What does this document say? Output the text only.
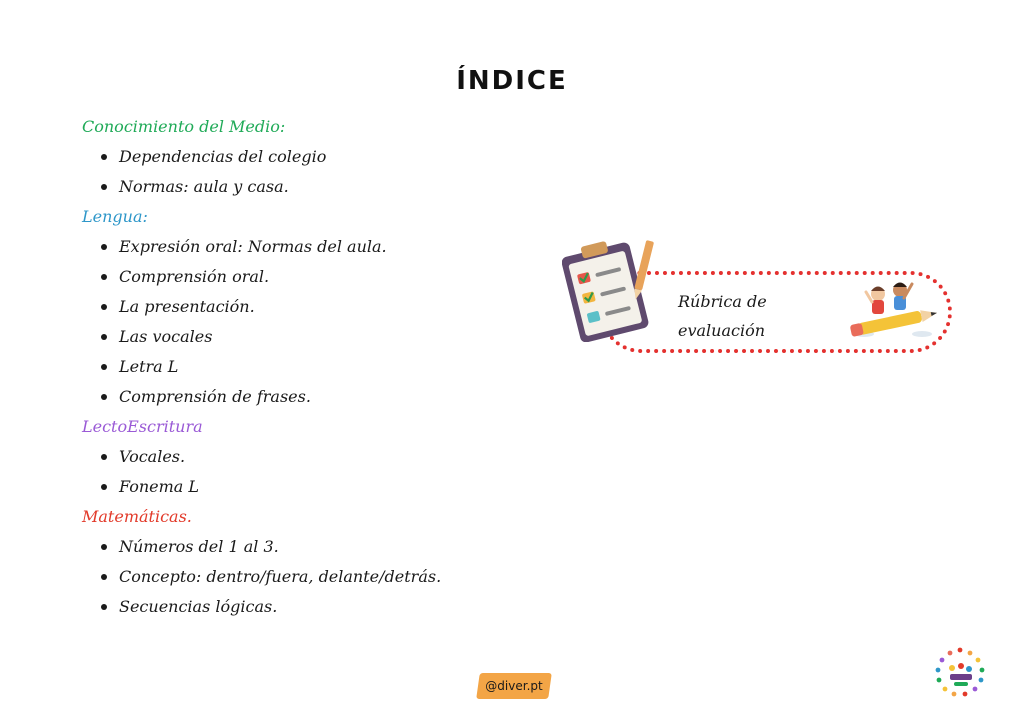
ÍNDICE
Conocimiento del Medio:
Dependencias del colegio
Normas: aula y casa.
Lengua:
Expresión oral: Normas del aula.
Comprensión oral.
La presentación.
Las vocales
Letra L
Comprensión de frases.
LectoEscritura
Vocales.
Fonema L
Matemáticas.
Números del 1 al 3.
Concepto: dentro/fuera, delante/detrás.
Secuencias lógicas.
Rúbrica de
evaluación
@diver.pt
